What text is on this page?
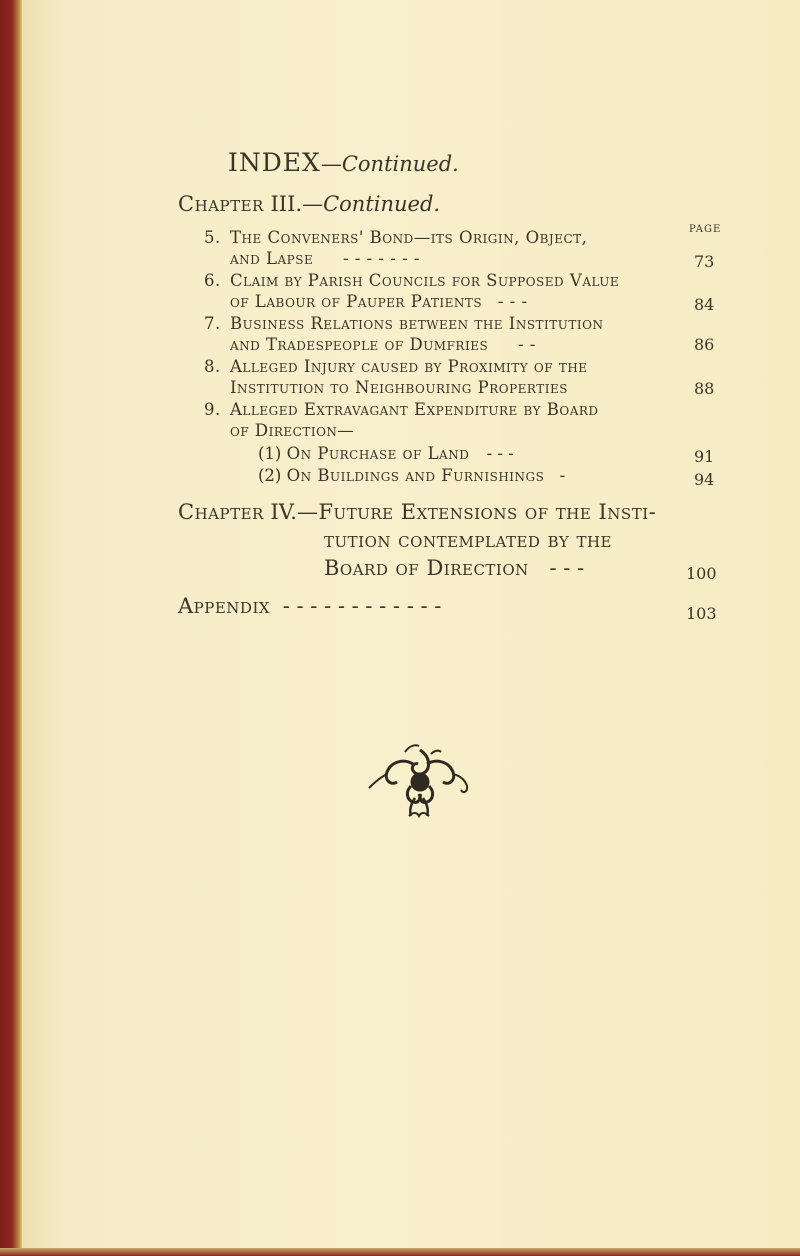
INDEX—Continued.
Chapter III.—Continued.
PAGE
5. The Conveners' Bond—its Origin, Object,
and Lapse - - - - - - -	73
6. Claim by Parish Councils for Supposed Value
of Labour of Pauper Patients - - -	84
7. Business Relations between the Institution
and Tradespeople of Dumfries - -	86
8. Alleged Injury caused by Proximity of the
Institution to Neighbouring Properties	88
9. Alleged Extravagant Expenditure by Board
of Direction—
(1) On Purchase of Land - - -	91
(2) On Buildings and Furnishings -	94
Chapter IV.—Future Extensions of the Insti-
tution contemplated by the
Board of Direction - - -	100
Appendix - - - - - - - - - - - -	103
